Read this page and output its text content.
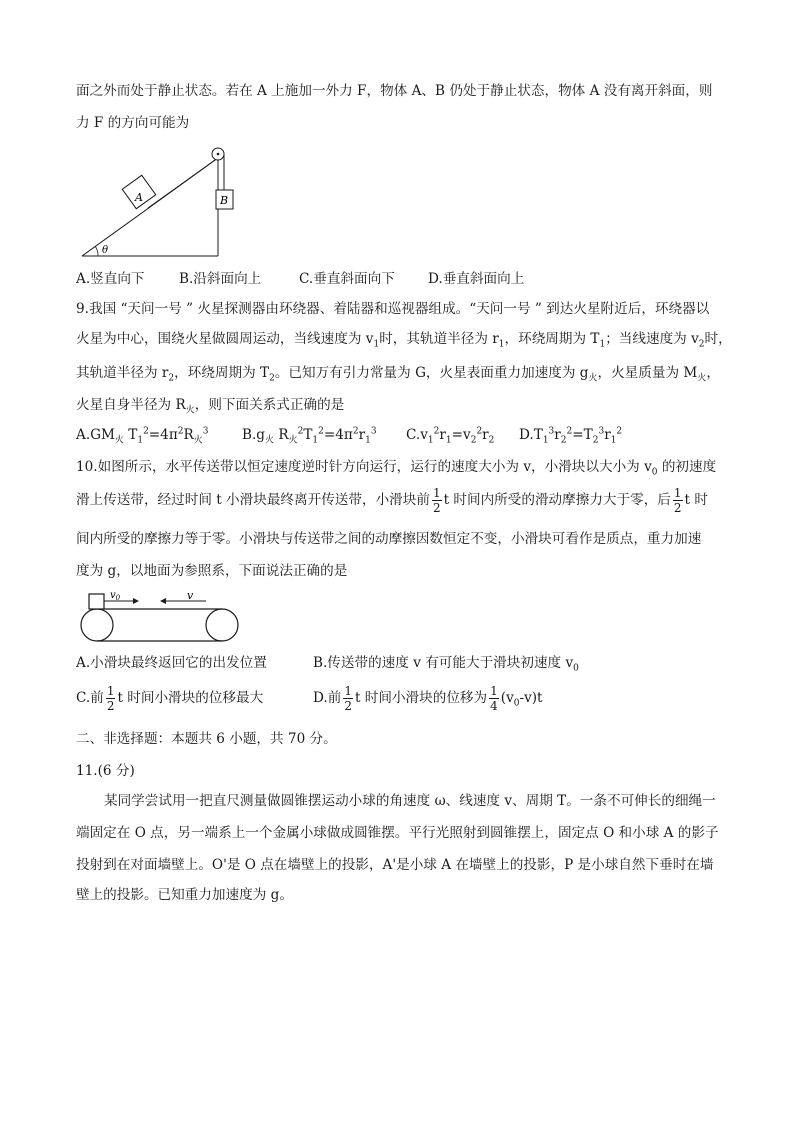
面之外而处于静止状态。若在 A 上施加一外力 F，物体 A、B 仍处于静止状态，物体 A 没有离开斜面，则
力 F 的方向可能为
θ
A	B
A.竖直向下	B.沿斜面向上	C.垂直斜面向下 D.垂直斜面向上
9.我国 “天问一号 ” 火星探测器由环绕器、着陆器和巡视器组成。“天问一号 ” 到达火星附近后，环绕器以
火星为中心，围绕火星做圆周运动，当线速度为 $v_1$时，其轨道半径为 $r_1$，环绕周期为 $T_1$；当线速度为 $v_2$时，
其轨道半径为 $r_2$，环绕周期为 $T_2$。已知万有引力常量为 G，火星表面重力加速度为 $g_火$，火星质量为 $M_火$，
火星自身半径为 $R_火$，则下面关系式正确的是
$A.GM_火$ $T_1^2=4\pi^2R_火^3$ $B.g_火$ $R_火^2T_1^2=4\pi^2r_1^3$ $C.v_1^2r_1=v_2^2r_2$ $D.T_1^3r_2^2=T_2^3r_1^2$
10.如图所示，水平传送带以恒定速度逆时针方向运行，运行的速度大小为 v，小滑块以大小为 $v_0$ 的初速度
滑上传送带，经过时间 t 小滑块最终离开传送带，小滑块前 $\frac{1}{2}$ t 时间内所受的滑动摩擦力大于零，后 $\frac{1}{2}$ t 时
间内所受的摩擦力等于零。小滑块与传送带之间的动摩擦因数恒定不变，小滑块可看作是质点，重力加速
度为 g，以地面为参照系，下面说法正确的是
$v_0$	v
A.小滑块最终返回它的出发位置	B.传送带的速度 v 有可能大于滑块初速度 $v_0$
C.前 $\frac{1}{2}$ t 时间小滑块的位移最大	D.前 $\frac{1}{2}$ t 时间小滑块的位移为 $\frac{1}{4} (v_0-v)t$
二、非选择题：本题共 6 小题，共 70 分。
11.(6 分)
某同学尝试用一把直尺测量做圆锥摆运动小球的角速度 ω、线速度 v、周期 T。一条不可伸长的细绳一
端固定在 O 点，另一端系上一个金属小球做成圆锥摆。平行光照射到圆锥摆上，固定点 O 和小球 A 的影子
投射到在对面墙壁上。O'是 O 点在墙壁上的投影，A'是小球 A 在墙壁上的投影，P 是小球自然下垂时在墙
壁上的投影。已知重力加速度为 g。
